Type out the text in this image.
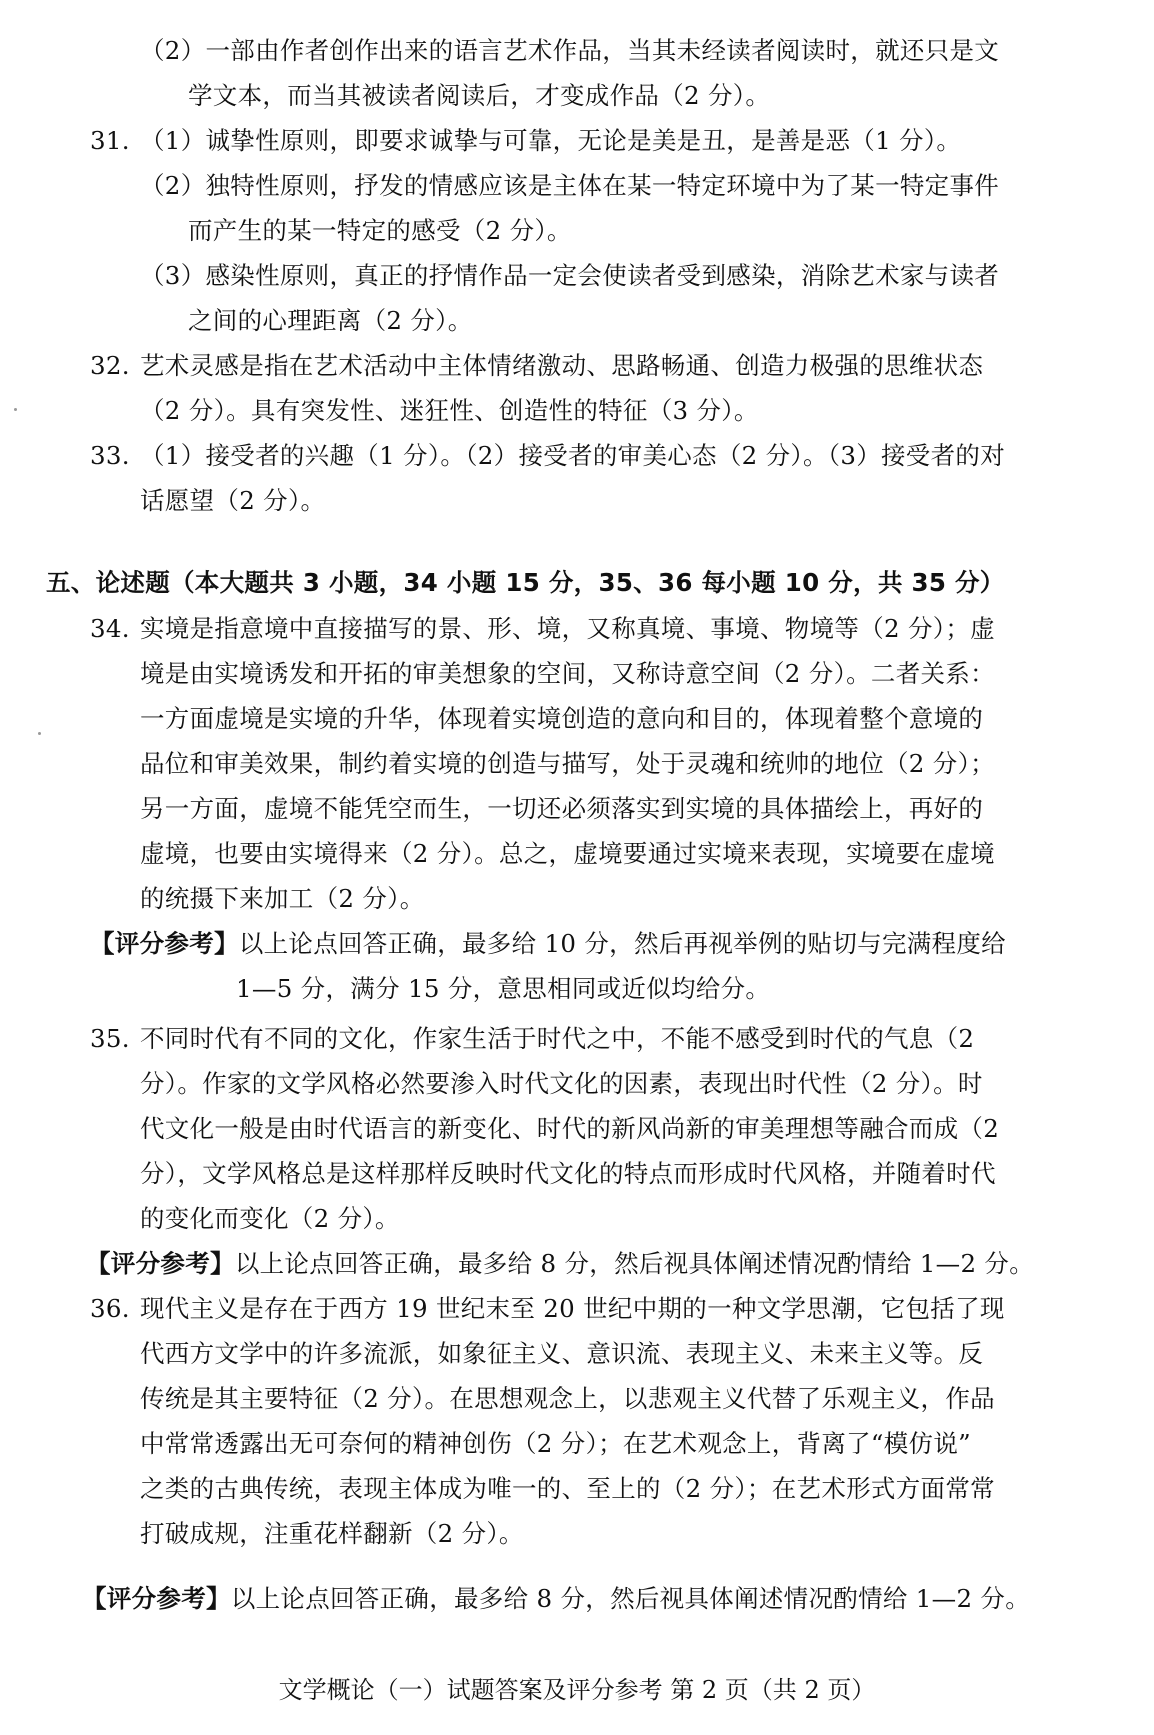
（2）一部由作者创作出来的语言艺术作品，当其未经读者阅读时，就还只是文
学文本，而当其被读者阅读后，才变成作品（2 分）。
31. （1）诚挚性原则，即要求诚挚与可靠，无论是美是丑，是善是恶（1 分）。
（2）独特性原则，抒发的情感应该是主体在某一特定环境中为了某一特定事件
而产生的某一特定的感受（2 分）。
（3）感染性原则，真正的抒情作品一定会使读者受到感染，消除艺术家与读者
之间的心理距离（2 分）。
32. 艺术灵感是指在艺术活动中主体情绪激动、思路畅通、创造力极强的思维状态
（2 分）。具有突发性、迷狂性、创造性的特征（3 分）。
33. （1）接受者的兴趣（1 分）。（2）接受者的审美心态（2 分）。（3）接受者的对
话愿望（2 分）。
五、论述题（本大题共 3 小题，34 小题 15 分，35、36 每小题 10 分，共 35 分）
34. 实境是指意境中直接描写的景、形、境，又称真境、事境、物境等（2 分）；虚
境是由实境诱发和开拓的审美想象的空间，又称诗意空间（2 分）。二者关系：
一方面虚境是实境的升华，体现着实境创造的意向和目的，体现着整个意境的
品位和审美效果，制约着实境的创造与描写，处于灵魂和统帅的地位（2 分）；
另一方面，虚境不能凭空而生，一切还必须落实到实境的具体描绘上，再好的
虚境，也要由实境得来（2 分）。总之，虚境要通过实境来表现，实境要在虚境
的统摄下来加工（2 分）。
【评分参考】以上论点回答正确，最多给 10 分，然后再视举例的贴切与完满程度给
1—5 分，满分 15 分，意思相同或近似均给分。
35. 不同时代有不同的文化，作家生活于时代之中，不能不感受到时代的气息（2
分）。作家的文学风格必然要渗入时代文化的因素，表现出时代性（2 分）。时
代文化一般是由时代语言的新变化、时代的新风尚新的审美理想等融合而成（2
分），文学风格总是这样那样反映时代文化的特点而形成时代风格，并随着时代
的变化而变化（2 分）。
【评分参考】以上论点回答正确，最多给 8 分，然后视具体阐述情况酌情给 1—2 分。
36. 现代主义是存在于西方 19 世纪末至 20 世纪中期的一种文学思潮，它包括了现
代西方文学中的许多流派，如象征主义、意识流、表现主义、未来主义等。反
传统是其主要特征（2 分）。在思想观念上，以悲观主义代替了乐观主义，作品
中常常透露出无可奈何的精神创伤（2 分）；在艺术观念上，背离了“模仿说”
之类的古典传统，表现主体成为唯一的、至上的（2 分）；在艺术形式方面常常
打破成规，注重花样翻新（2 分）。
【评分参考】以上论点回答正确，最多给 8 分，然后视具体阐述情况酌情给 1—2 分。
文学概论（一）试题答案及评分参考 第 2 页（共 2 页）
